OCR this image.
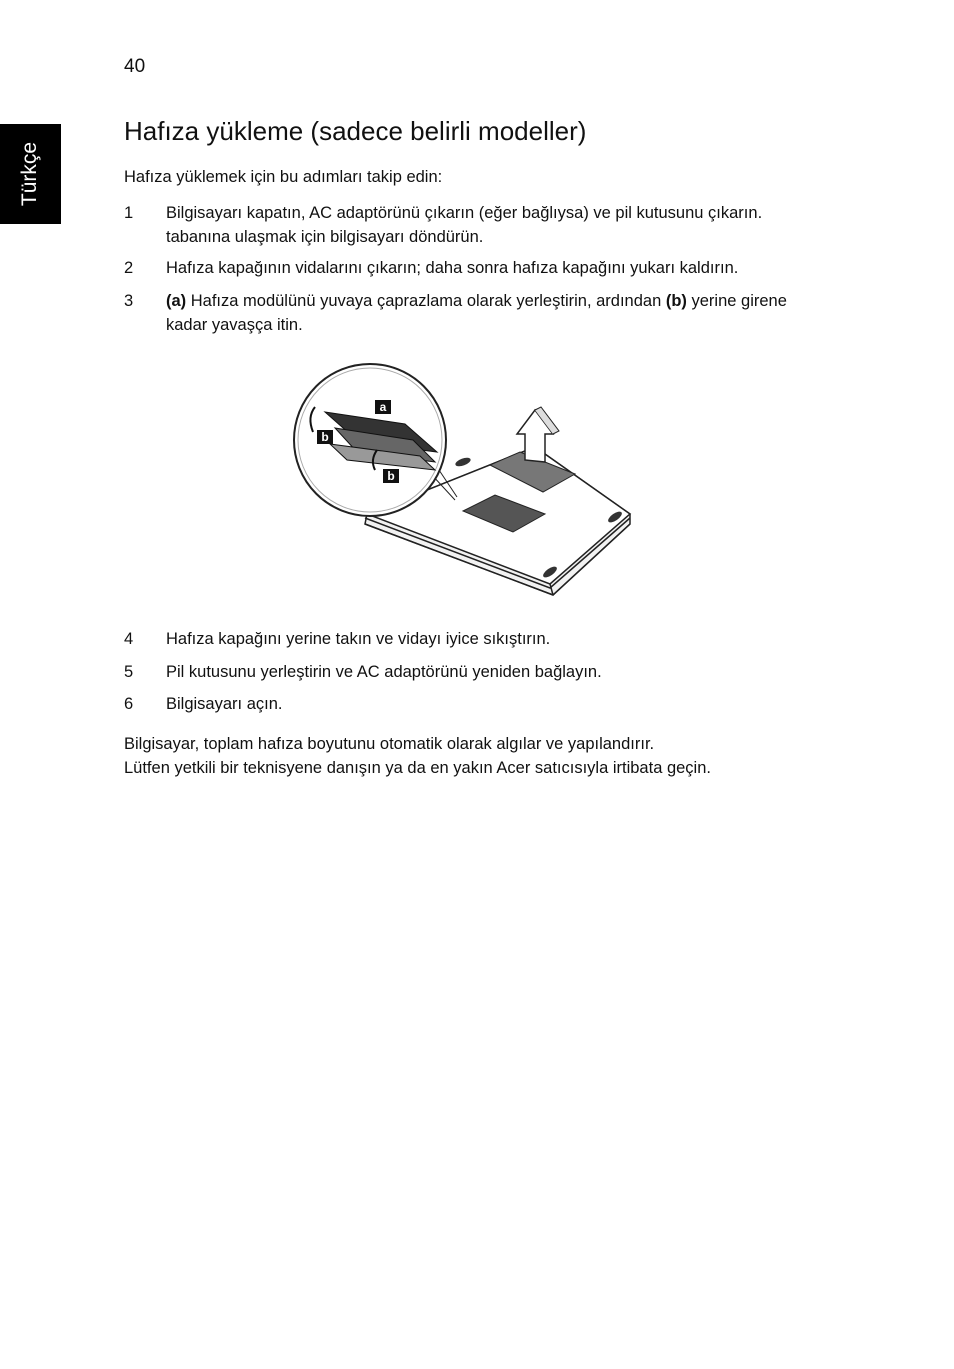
40
Türkçe
Hafıza yükleme (sadece belirli modeller)
Hafıza yüklemek için bu adımları takip edin:
1 Bilgisayarı kapatın, AC adaptörünü çıkarın (eğer bağlıysa) ve pil kutusunu çıkarın. tabanına ulaşmak için bilgisayarı döndürün.
2 Hafıza kapağının vidalarını çıkarın; daha sonra hafıza kapağını yukarı kaldırın.
3 (a) Hafıza modülünü yuvaya çaprazlama olarak yerleştirin, ardından (b) yerine girene kadar yavaşça itin.
a
b
b
4 Hafıza kapağını yerine takın ve vidayı iyice sıkıştırın.
5 Pil kutusunu yerleştirin ve AC adaptörünü yeniden bağlayın.
6 Bilgisayarı açın.
Bilgisayar, toplam hafıza boyutunu otomatik olarak algılar ve yapılandırır.
Lütfen yetkili bir teknisyene danışın ya da en yakın Acer satıcısıyla irtibata geçin.
